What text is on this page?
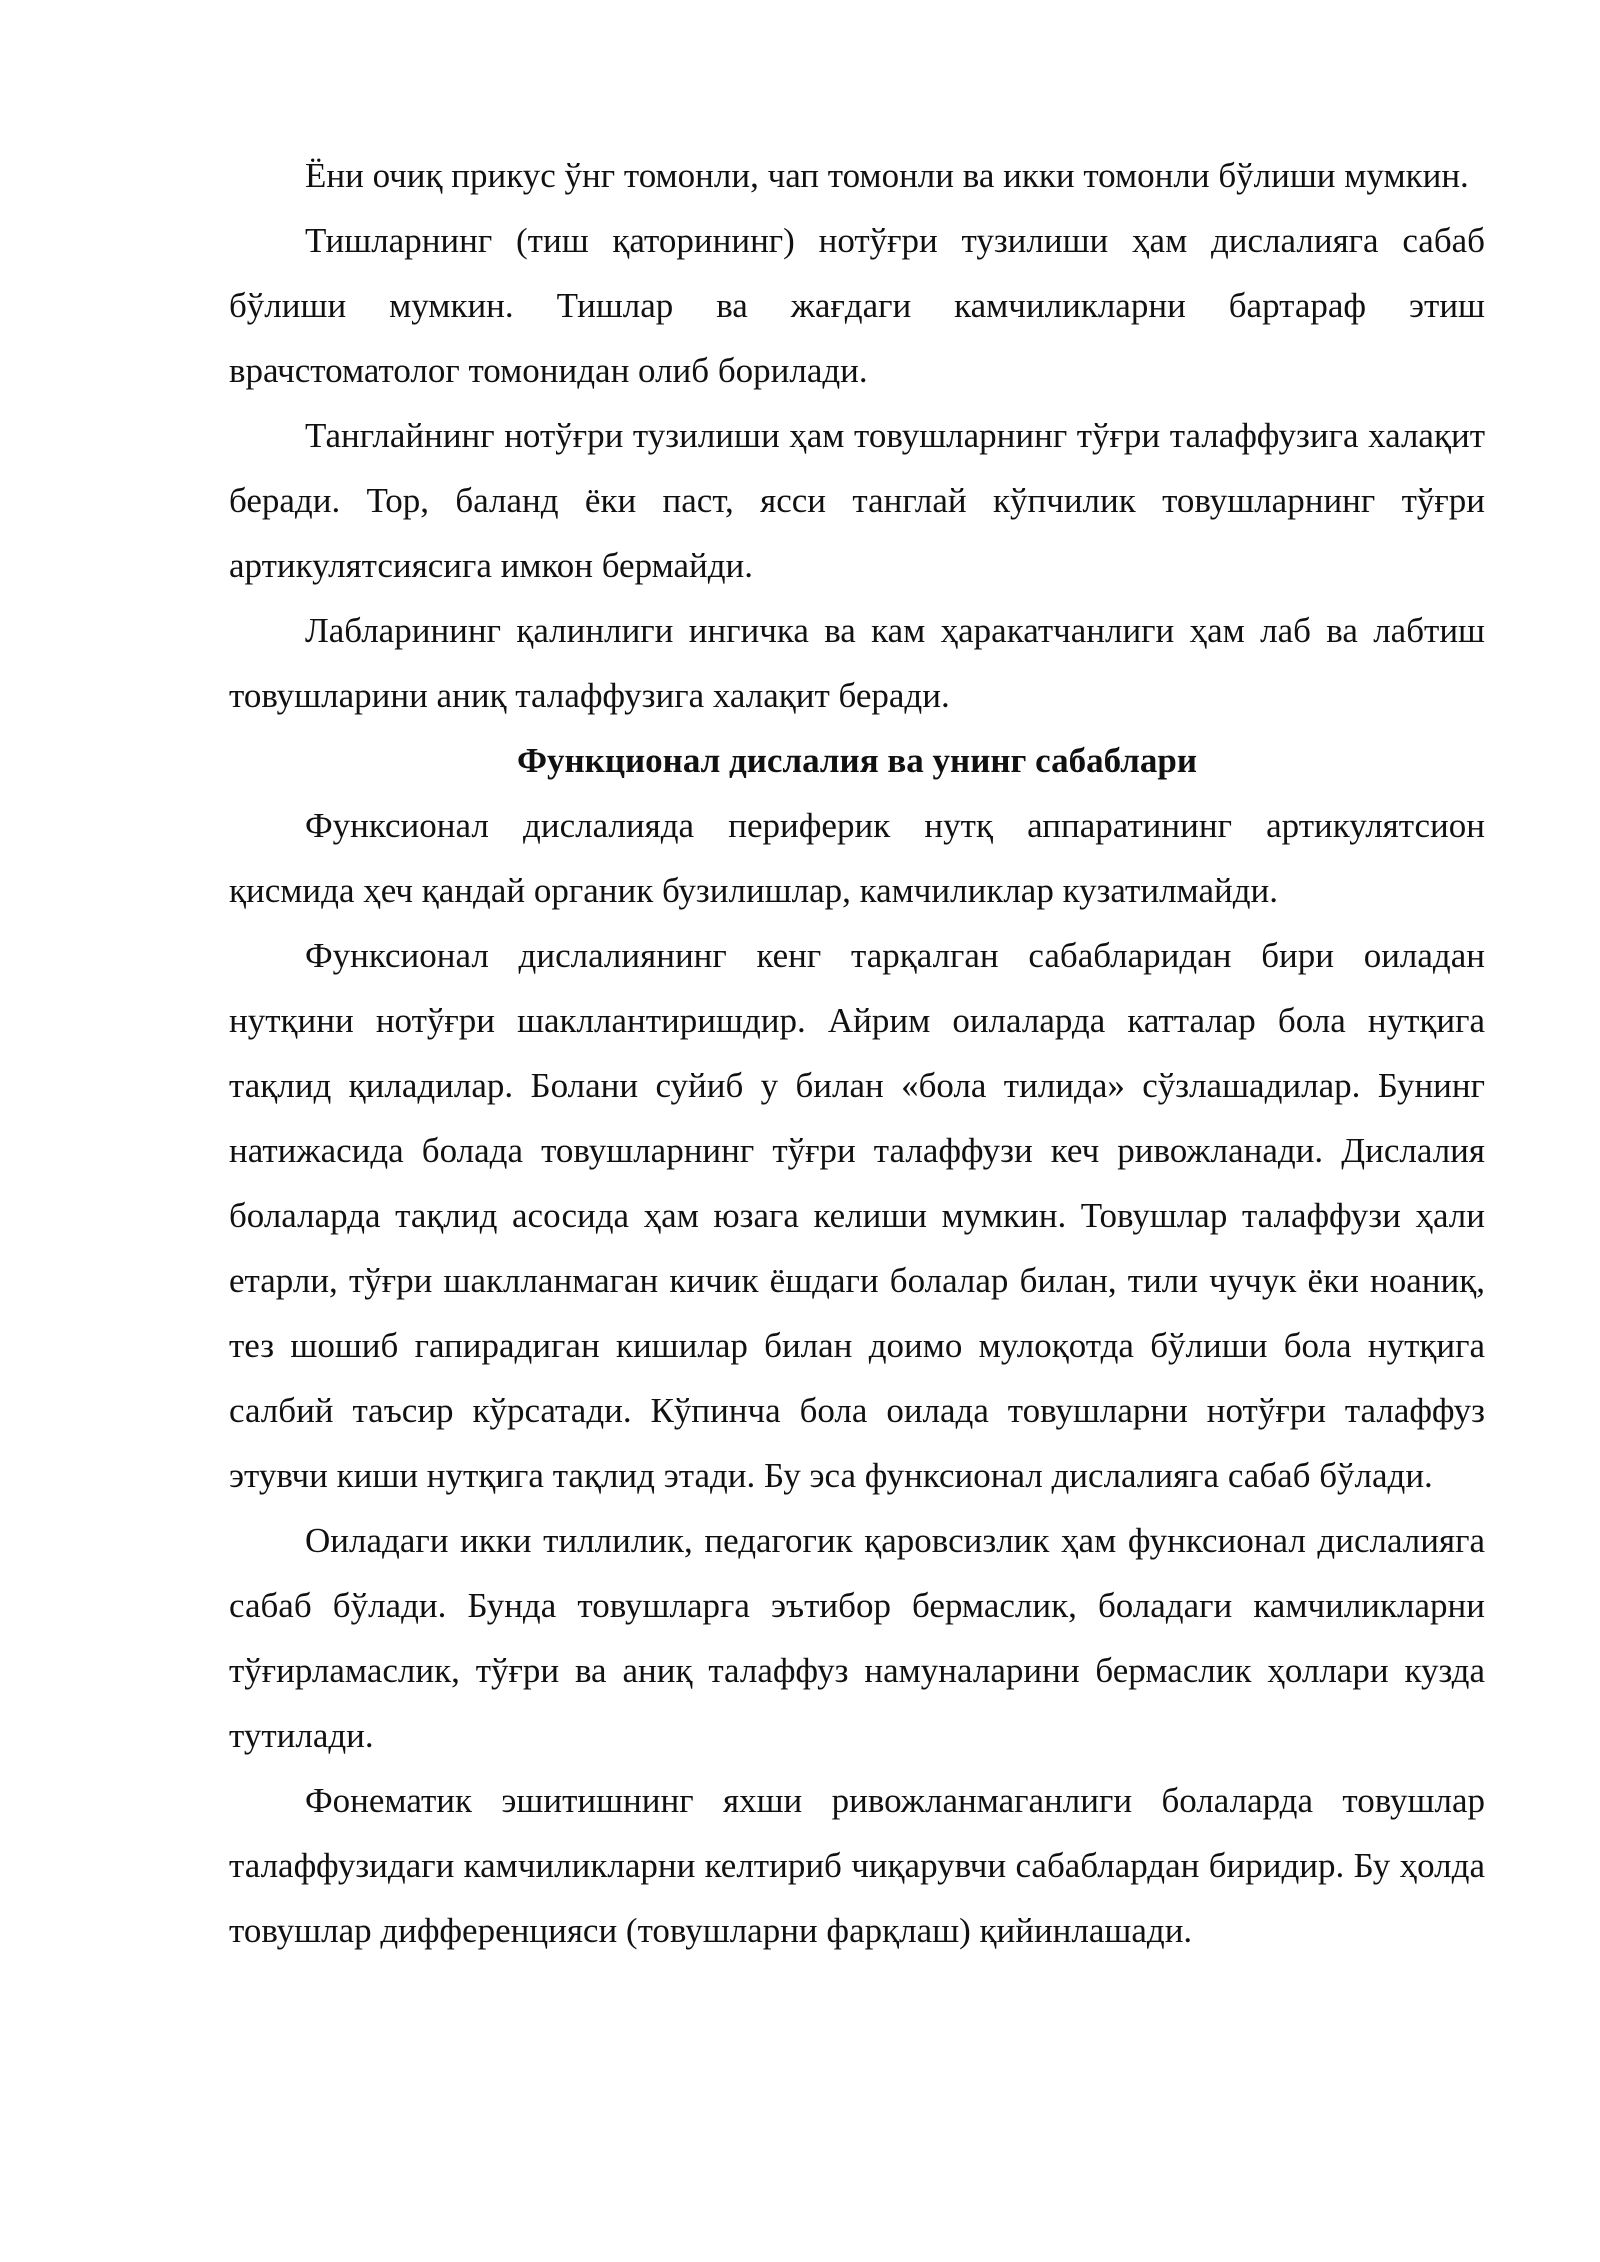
Ёни очиқ прикус ўнг томонли, чап томонли ва икки томонли бўлиши мумкин.

Тишларнинг (тиш қаторининг) нотўғри тузилиши ҳам дислалияга сабаб бўлиши мумкин. Тишлар ва жағдаги камчиликларни бартараф этиш врачстоматолог томонидан олиб борилади.

Танглайнинг нотўғри тузилиши ҳам товушларнинг тўғри талаффузига халақит беради. Тор, баланд ёки паст, ясси танглай кўпчилик товушларнинг тўғри артикулятсиясига имкон бермайди.

Лабларининг қалинлиги ингичка ва кам ҳаракатчанлиги ҳам лаб ва лабтиш товушларини аниқ талаффузига халақит беради.

Функционал дислалия ва унинг сабаблари

Функсионал дислалияда периферик нутқ аппаратининг артикулятсион қисмида ҳеч қандай органик бузилишлар, камчиликлар кузатилмайди.

Функсионал дислалиянинг кенг тарқалган сабабларидан бири оиладан нутқини нотўғри шакллантиришдир. Айрим оилаларда катталар бола нутқига тақлид қиладилар. Болани суйиб у билан «бола тилида» сўзлашадилар. Бунинг натижасида болада товушларнинг тўғри талаффузи кеч ривожланади. Дислалия болаларда тақлид асосида ҳам юзага келиши мумкин. Товушлар талаффузи ҳали етарли, тўғри шаклланмаган кичик ёшдаги болалар билан, тили чучук ёки ноаниқ, тез шошиб гапирадиган кишилар билан доимо мулоқотда бўлиши бола нутқига салбий таъсир кўрсатади. Кўпинча бола оилада товушларни нотўғри талаффуз этувчи киши нутқига тақлид этади. Бу эса функсионал дислалияга сабаб бўлади.

Оиладаги икки тиллилик, педагогик қаровсизлик ҳам функсионал дислалияга сабаб бўлади. Бунда товушларга эътибор бермаслик, боладаги камчиликларни тўғирламаслик, тўғри ва аниқ талаффуз намуналарини бермаслик ҳоллари кузда тутилади.

Фонематик эшитишнинг яхши ривожланмаганлиги болаларда товушлар талаффузидаги камчиликларни келтириб чиқарувчи сабаблардан биридир. Бу ҳолда товушлар дифференцияси (товушларни фарқлаш) қийинлашади.
